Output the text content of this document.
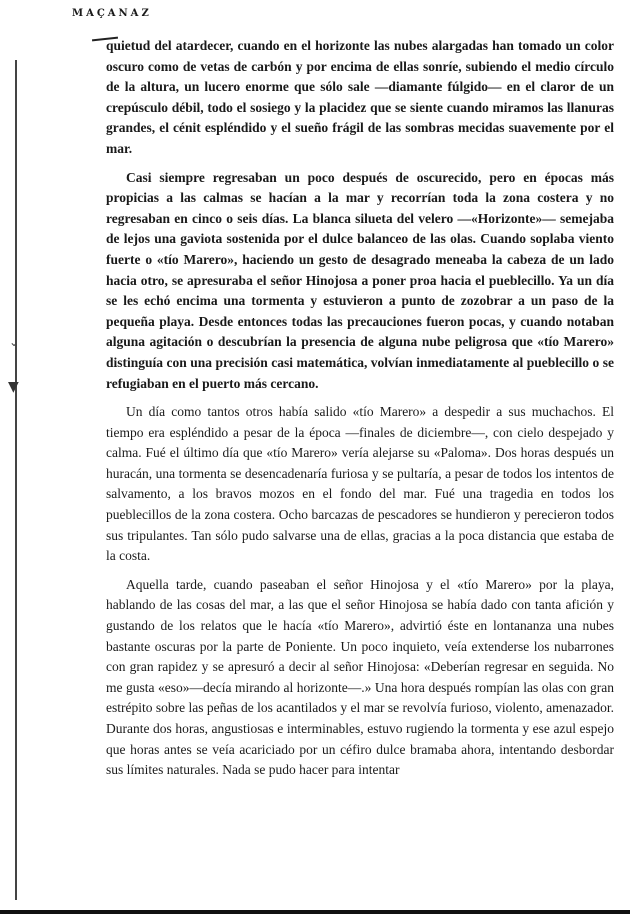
MAÇANAZ
⌄
▼

quietud del atardecer, cuando en el horizonte las nubes alargadas han tomado un color oscuro como de vetas de carbón y por encima de ellas sonríe, subiendo el medio círculo de la altura, un lucero enorme que sólo sale —diamante fúlgido— en el claror de un crepúsculo débil, todo el sosiego y la placidez que se siente cuando miramos las llanuras grandes, el cénit espléndido y el sueño frágil de las sombras mecidas suavemente por el mar.

Casi siempre regresaban un poco después de oscurecido, pero en épocas más propicias a las calmas se hacían a la mar y recorrían toda la zona costera y no regresaban en cinco o seis días. La blanca silueta del velero —«Horizonte»— semejaba de lejos una gaviota sostenida por el dulce balanceo de las olas. Cuando soplaba viento fuerte o «tío Marero», haciendo un gesto de desagrado meneaba la cabeza de un lado hacia otro, se apresuraba el señor Hinojosa a poner proa hacia el pueblecillo. Ya un día se les echó encima una tormenta y estuvieron a punto de zozobrar a un paso de la pequeña playa. Desde entonces todas las precauciones fueron pocas, y cuando notaban alguna agitación o descubrían la presencia de alguna nube peligrosa que «tío Marero» distinguía con una precisión casi matemática, volvían inmediatamente al pueblecillo o se refugiaban en el puerto más cercano.

Un día como tantos otros había salido «tío Marero» a despedir a sus muchachos. El tiempo era espléndido a pesar de la época —finales de diciembre—, con cielo despejado y calma. Fué el último día que «tío Marero» vería alejarse su «Paloma». Dos horas después un huracán, una tormenta se desencadenaría furiosa y se pultaría, a pesar de todos los intentos de salvamento, a los bravos mozos en el fondo del mar. Fué una tragedia en todos los pueblecillos de la zona costera. Ocho barcazas de pescadores se hundieron y perecieron todos sus tripulantes. Tan sólo pudo salvarse una de ellas, gracias a la poca distancia que estaba de la costa.

Aquella tarde, cuando paseaban el señor Hinojosa y el «tío Marero» por la playa, hablando de las cosas del mar, a las que el señor Hinojosa se había dado con tanta afición y gustando de los relatos que le hacía «tío Marero», advirtió éste en lontananza una nubes bastante oscuras por la parte de Poniente. Un poco inquieto, veía extenderse los nubarrones con gran rapidez y se apresuró a decir al señor Hinojosa: «Deberían regresar en seguida. No me gusta «eso»—decía mirando al horizonte—.» Una hora después rompían las olas con gran estrépito sobre las peñas de los acantilados y el mar se revolvía furioso, violento, amenazador. Durante dos horas, angustiosas e interminables, estuvo rugiendo la tormenta y ese azul espejo que horas antes se veía acariciado por un céfiro dulce bramaba ahora, intentando desbordar sus límites naturales. Nada se pudo hacer para intentar
